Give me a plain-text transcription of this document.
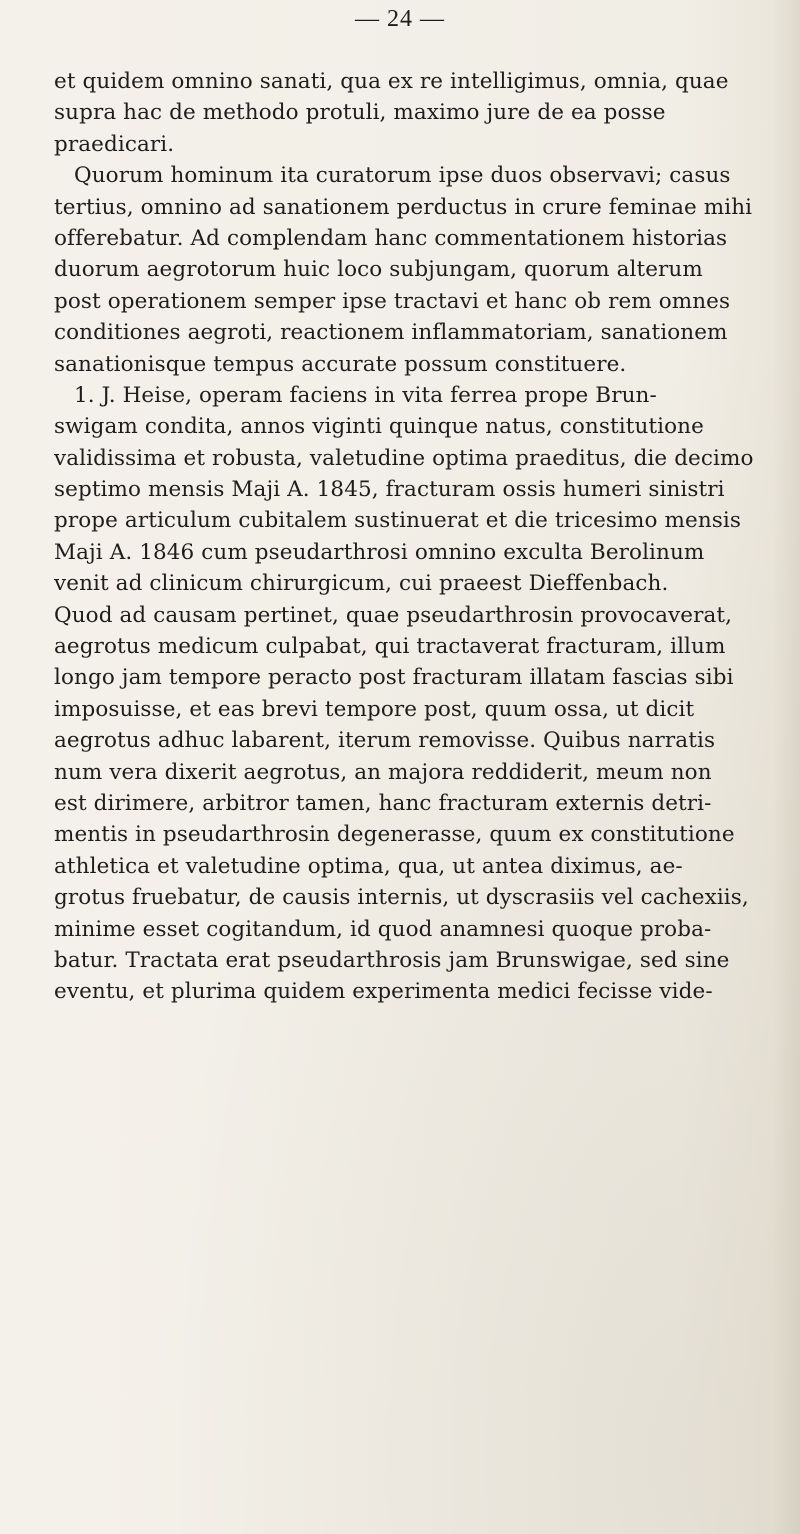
— 24 —
et quidem omnino sanati, qua ex re intelligimus, omnia, quae
supra hac de methodo protuli, maximo jure de ea posse
praedicari.
Quorum hominum ita curatorum ipse duos observavi; casus
tertius, omnino ad sanationem perductus in crure feminae mihi
offerebatur. Ad complendam hanc commentationem historias
duorum aegrotorum huic loco subjungam, quorum alterum
post operationem semper ipse tractavi et hanc ob rem omnes
conditiones aegroti, reactionem inflammatoriam, sanationem
sanationisque tempus accurate possum constituere.
1. J. Heise, operam faciens in vita ferrea prope Brun-
swigam condita, annos viginti quinque natus, constitutione
validissima et robusta, valetudine optima praeditus, die decimo
septimo mensis Maji A. 1845, fracturam ossis humeri sinistri
prope articulum cubitalem sustinuerat et die tricesimo mensis
Maji A. 1846 cum pseudarthrosi omnino exculta Berolinum
venit ad clinicum chirurgicum, cui praeest Dieffenbach.
Quod ad causam pertinet, quae pseudarthrosin provocaverat,
aegrotus medicum culpabat, qui tractaverat fracturam, illum
longo jam tempore peracto post fracturam illatam fascias sibi
imposuisse, et eas brevi tempore post, quum ossa, ut dicit
aegrotus adhuc labarent, iterum removisse. Quibus narratis
num vera dixerit aegrotus, an majora reddiderit, meum non
est dirimere, arbitror tamen, hanc fracturam externis detri-
mentis in pseudarthrosin degenerasse, quum ex constitutione
athletica et valetudine optima, qua, ut antea diximus, ae-
grotus fruebatur, de causis internis, ut dyscrasiis vel cachexiis,
minime esset cogitandum, id quod anamnesi quoque proba-
batur. Tractata erat pseudarthrosis jam Brunswigae, sed sine
eventu, et plurima quidem experimenta medici fecisse vide-
